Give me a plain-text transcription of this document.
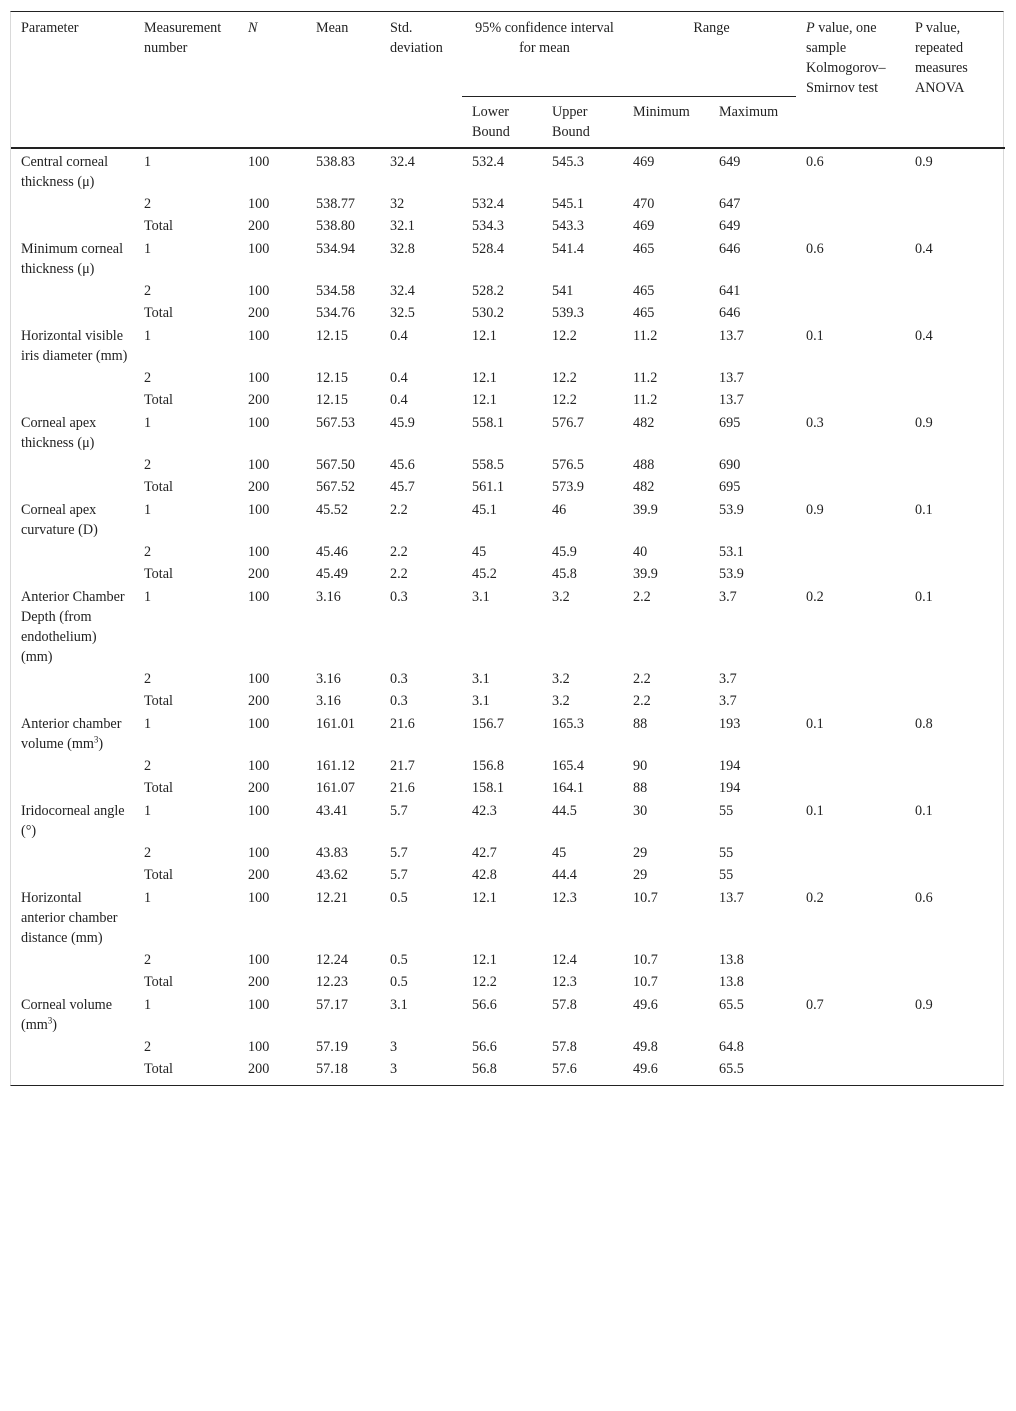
Parameter	Measurement number	N	Mean	Std. deviation	95% confidence interval for mean		Range		P value, one sample Kolmogorov–Smirnov test	P value, repeated measures ANOVA
					Lower Bound	Upper Bound	Minimum	Maximum		
Central corneal thickness (μ)	1	100	538.83	32.4	532.4	545.3	469	649	0.6	0.9
	2	100	538.77	32	532.4	545.1	470	647		
	Total	200	538.80	32.1	534.3	543.3	469	649		
Minimum corneal thickness (μ)	1	100	534.94	32.8	528.4	541.4	465	646	0.6	0.4
	2	100	534.58	32.4	528.2	541	465	641		
	Total	200	534.76	32.5	530.2	539.3	465	646		
Horizontal visible iris diameter (mm)	1	100	12.15	0.4	12.1	12.2	11.2	13.7	0.1	0.4
	2	100	12.15	0.4	12.1	12.2	11.2	13.7		
	Total	200	12.15	0.4	12.1	12.2	11.2	13.7		
Corneal apex thickness (μ)	1	100	567.53	45.9	558.1	576.7	482	695	0.3	0.9
	2	100	567.50	45.6	558.5	576.5	488	690		
	Total	200	567.52	45.7	561.1	573.9	482	695		
Corneal apex curvature (D)	1	100	45.52	2.2	45.1	46	39.9	53.9	0.9	0.1
	2	100	45.46	2.2	45	45.9	40	53.1		
	Total	200	45.49	2.2	45.2	45.8	39.9	53.9		
Anterior Chamber Depth (from endothelium) (mm)	1	100	3.16	0.3	3.1	3.2	2.2	3.7	0.2	0.1
	2	100	3.16	0.3	3.1	3.2	2.2	3.7		
	Total	200	3.16	0.3	3.1	3.2	2.2	3.7		
Anterior chamber volume $(mm^3)$	1	100	161.01	21.6	156.7	165.3	88	193	0.1	0.8
	2	100	161.12	21.7	156.8	165.4	90	194		
	Total	200	161.07	21.6	158.1	164.1	88	194		
Iridocorneal angle (°)	1	100	43.41	5.7	42.3	44.5	30	55	0.1	0.1
	2	100	43.83	5.7	42.7	45	29	55		
	Total	200	43.62	5.7	42.8	44.4	29	55		
Horizontal anterior chamber distance (mm)	1	100	12.21	0.5	12.1	12.3	10.7	13.7	0.2	0.6
	2	100	12.24	0.5	12.1	12.4	10.7	13.8		
	Total	200	12.23	0.5	12.2	12.3	10.7	13.8		
Corneal volume $(mm^3)$	1	100	57.17	3.1	56.6	57.8	49.6	65.5	0.7	0.9
	2	100	57.19	3	56.6	57.8	49.8	64.8		
	Total	200	57.18	3	56.8	57.6	49.6	65.5		
